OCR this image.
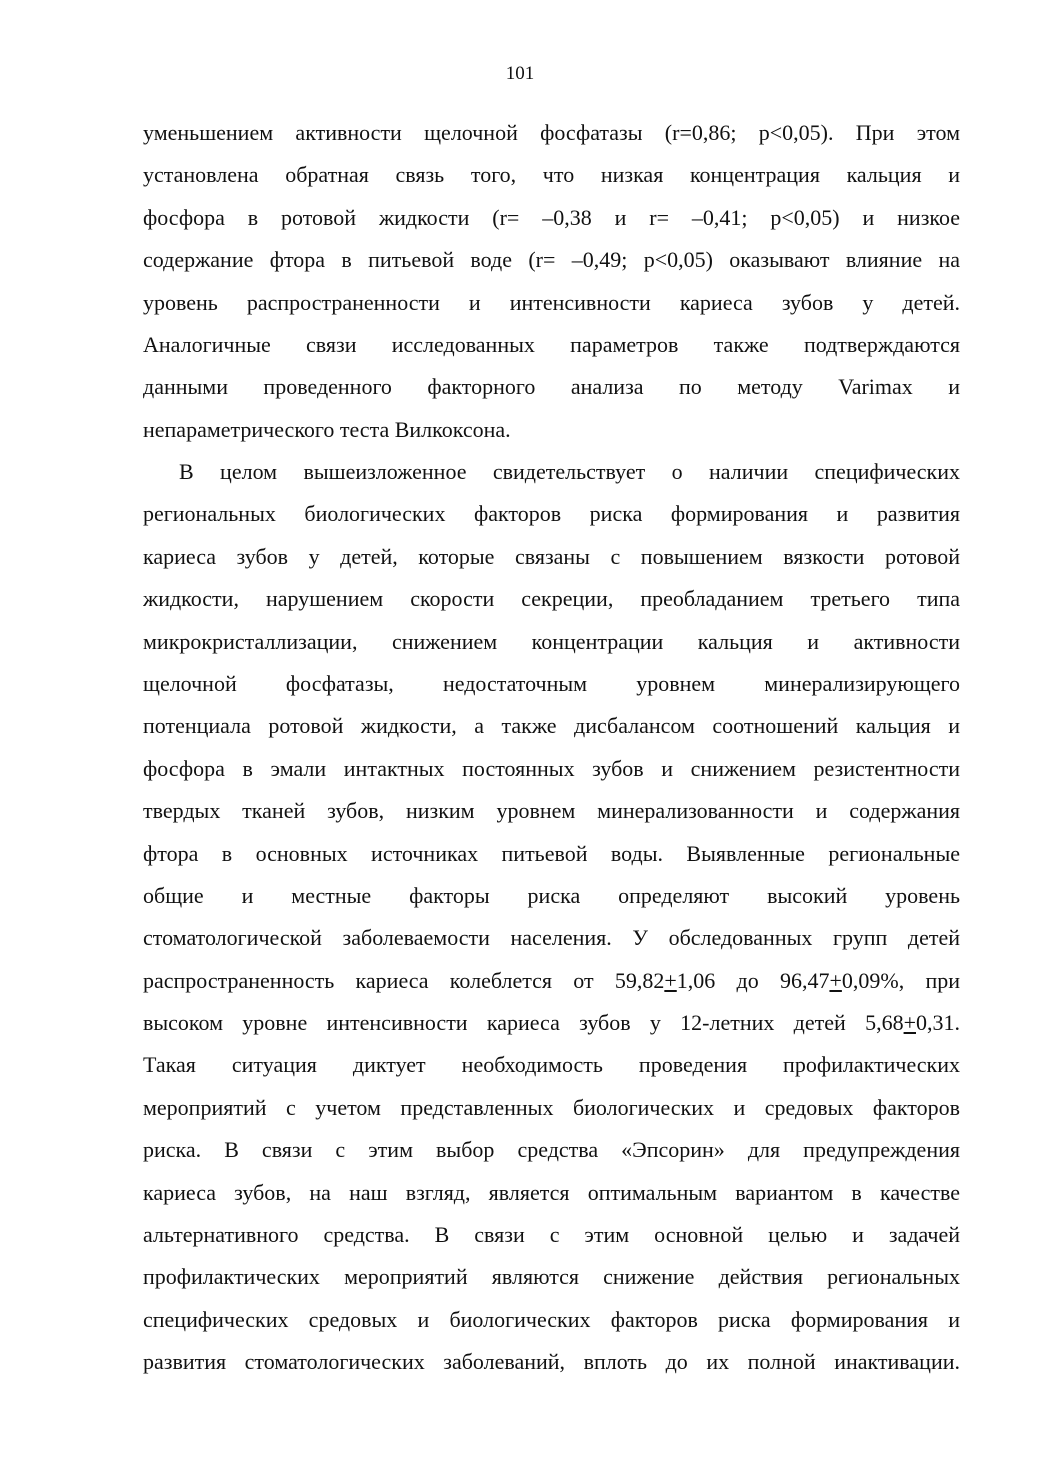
101
уменьшением активности щелочной фосфатазы (r=0,86; р<0,05). При этом
установлена обратная связь того, что низкая концентрация кальция и
фосфора в ротовой жидкости (r= –0,38 и r= –0,41; р<0,05) и низкое
содержание фтора в питьевой воде (r= –0,49; р<0,05) оказывают влияние на
уровень распространенности и интенсивности кариеса зубов у детей.
Аналогичные связи исследованных параметров также подтверждаются
данными проведенного факторного анализа по методу Varimax и
непараметрического теста Вилкоксона.
В целом вышеизложенное свидетельствует о наличии специфических
региональных биологических факторов риска формирования и развития
кариеса зубов у детей, которые связаны с повышением вязкости ротовой
жидкости, нарушением скорости секреции, преобладанием третьего типа
микрокристаллизации, снижением концентрации кальция и активности
щелочной фосфатазы, недостаточным уровнем минерализирующего
потенциала ротовой жидкости, а также дисбалансом соотношений кальция и
фосфора в эмали интактных постоянных зубов и снижением резистентности
твердых тканей зубов, низким уровнем минерализованности и содержания
фтора в основных источниках питьевой воды. Выявленные региональные
общие и местные факторы риска определяют высокий уровень
стоматологической заболеваемости населения. У обследованных групп детей
распространенность кариеса колеблется от 59,82+1,06 до 96,47+0,09%, при
высоком уровне интенсивности кариеса зубов у 12-летних детей 5,68+0,31.
Такая ситуация диктует необходимость проведения профилактических
мероприятий с учетом представленных биологических и средовых факторов
риска. В связи с этим выбор средства «Эпсорин» для предупреждения
кариеса зубов, на наш взгляд, является оптимальным вариантом в качестве
альтернативного средства. В связи с этим основной целью и задачей
профилактических мероприятий являются снижение действия региональных
специфических средовых и биологических факторов риска формирования и
развития стоматологических заболеваний, вплоть до их полной инактивации.
